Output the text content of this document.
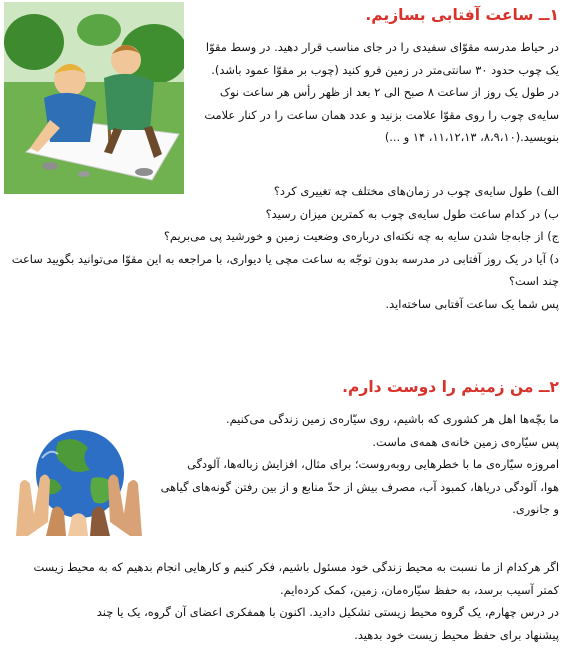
۱ــ ساعت آفتابی بسازیم.
در حیاط مدرسه مقوّای سفیدی را در جای مناسب قرار دهید. در وسط مقوّا
یک چوب حدود ۳۰ سانتی‌متر در زمین فرو کنید (چوب بر مقوّا عمود باشد).
در طول یک روز از ساعت ۸ صبح الی ۲ بعد از ظهر رأس هر ساعت نوک
سایه‌ی چوب را روی مقوّا علامت بزنید و عدد همان ساعت را در کنار علامت
بنویسید.(۸،۹،۱۰، ۱۱،۱۲،۱۳، ۱۴ و ...)
الف) طول سایه‌ی چوب در زمان‌های مختلف چه تغییری کرد؟
ب) در کدام ساعت طول سایه‌ی چوب به کمترین میزان رسید؟
ج) از جابه‌جا شدن سایه به چه نکته‌ای درباره‌ی وضعیت زمین و خورشید پی می‌بریم؟
د) آیا در یک روز آفتابی در مدرسه بدون توجّه به ساعت مچی یا دیواری، با مراجعه به این مقوّا می‌توانید بگویید ساعت
چند است؟
پس شما یک ساعت آفتابی ساخته‌اید.
۲ــ من زمینم را دوست دارم.
ما بچّه‌ها اهل هر کشوری که باشیم، روی سیّاره‌ی زمین زندگی می‌کنیم.
پس سیّاره‌ی زمین خانه‌ی همه‌ی ماست.
امروزه سیّاره‌ی ما با خطرهایی روبه‌روست؛ برای مثال، افزایش زباله‌ها، آلودگی
هوا، آلودگی دریاها، کمبود آب، مصرف بیش از حدّ منابع و از بین رفتن گونه‌های گیاهی
و جانوری.
اگر هرکدام از ما نسبت به محیط زندگی خود مسئول باشیم، فکر کنیم و کارهایی انجام بدهیم که به محیط زیست
کمتر آسیب برسد، به حفظ سیّاره‌مان، زمین، کمک کرده‌ایم.
در درس چهارم، یک گروه محیط زیستی تشکیل دادید. اکنون با همفکری اعضای آن گروه، یک یا چند
پیشنهاد برای حفظ محیط زیست خود بدهید.
